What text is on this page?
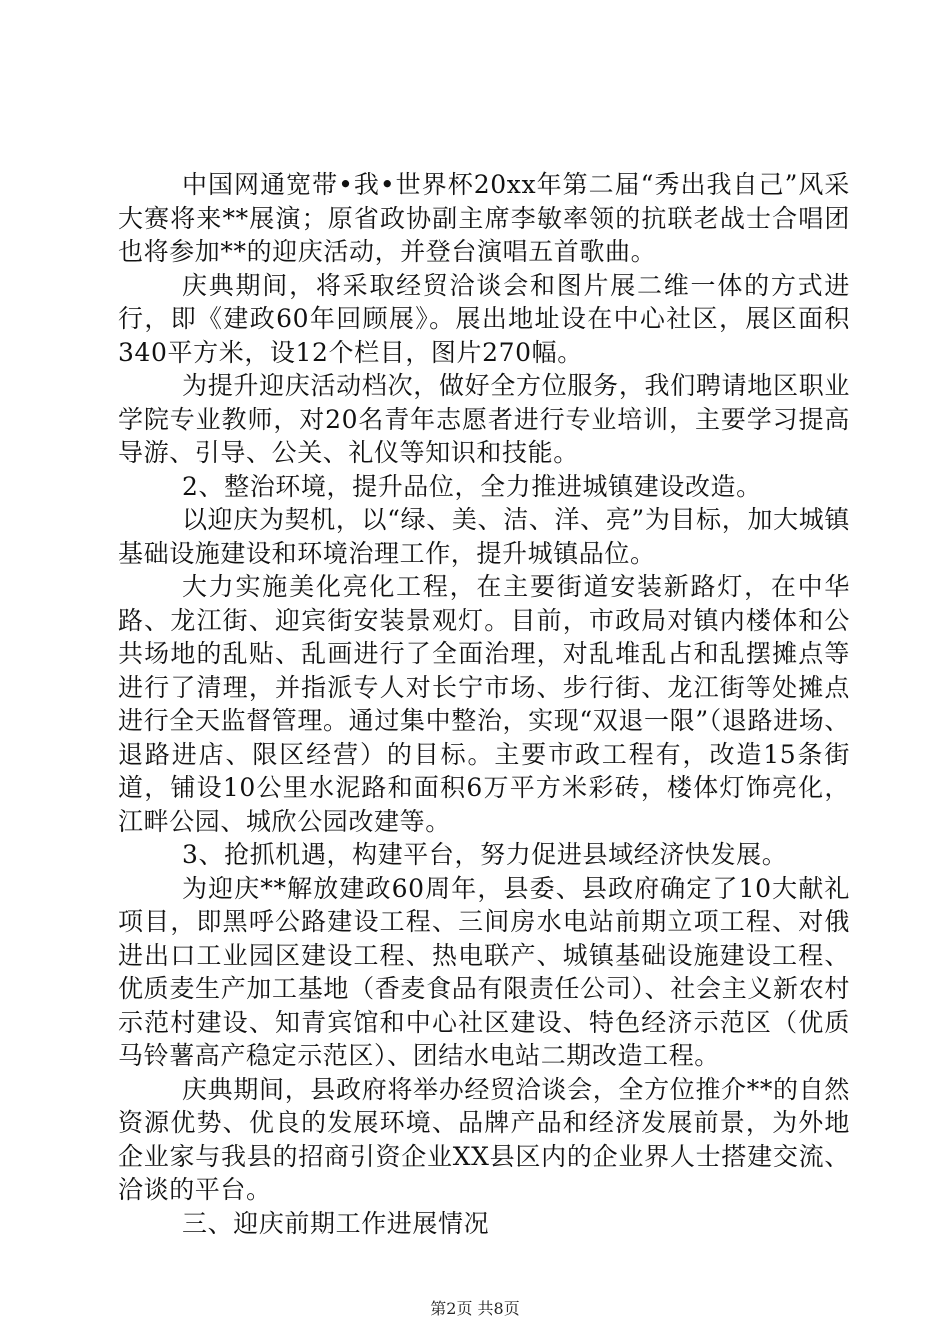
中国网通宽带•我•世界杯20xx年第二届“秀出我自己”风采大赛将来**展演；原省政协副主席李敏率领的抗联老战士合唱团也将参加**的迎庆活动，并登台演唱五首歌曲。

庆典期间，将采取经贸洽谈会和图片展二维一体的方式进行，即《建政60年回顾展》。展出地址设在中心社区，展区面积340平方米，设12个栏目，图片270幅。

为提升迎庆活动档次，做好全方位服务，我们聘请地区职业学院专业教师，对20名青年志愿者进行专业培训，主要学习提高导游、引导、公关、礼仪等知识和技能。

2、整治环境，提升品位，全力推进城镇建设改造。

以迎庆为契机，以“绿、美、洁、洋、亮”为目标，加大城镇基础设施建设和环境治理工作，提升城镇品位。

大力实施美化亮化工程，在主要街道安装新路灯，在中华路、龙江街、迎宾街安装景观灯。目前，市政局对镇内楼体和公共场地的乱贴、乱画进行了全面治理，对乱堆乱占和乱摆摊点等进行了清理，并指派专人对长宁市场、步行街、龙江街等处摊点进行全天监督管理。通过集中整治，实现“双退一限”（退路进场、退路进店、限区经营）的目标。主要市政工程有，改造15条街道，铺设10公里水泥路和面积6万平方米彩砖，楼体灯饰亮化，江畔公园、城欣公园改建等。

3、抢抓机遇，构建平台，努力促进县域经济快发展。

为迎庆**解放建政60周年，县委、县政府确定了10大献礼项目，即黑呼公路建设工程、三间房水电站前期立项工程、对俄进出口工业园区建设工程、热电联产、城镇基础设施建设工程、优质麦生产加工基地（香麦食品有限责任公司）、社会主义新农村示范村建设、知青宾馆和中心社区建设、特色经济示范区（优质马铃薯高产稳定示范区）、团结水电站二期改造工程。

庆典期间，县政府将举办经贸洽谈会，全方位推介**的自然资源优势、优良的发展环境、品牌产品和经济发展前景，为外地企业家与我县的招商引资企业XX县区内的企业界人士搭建交流、洽谈的平台。

三、迎庆前期工作进展情况

第2页 共8页
